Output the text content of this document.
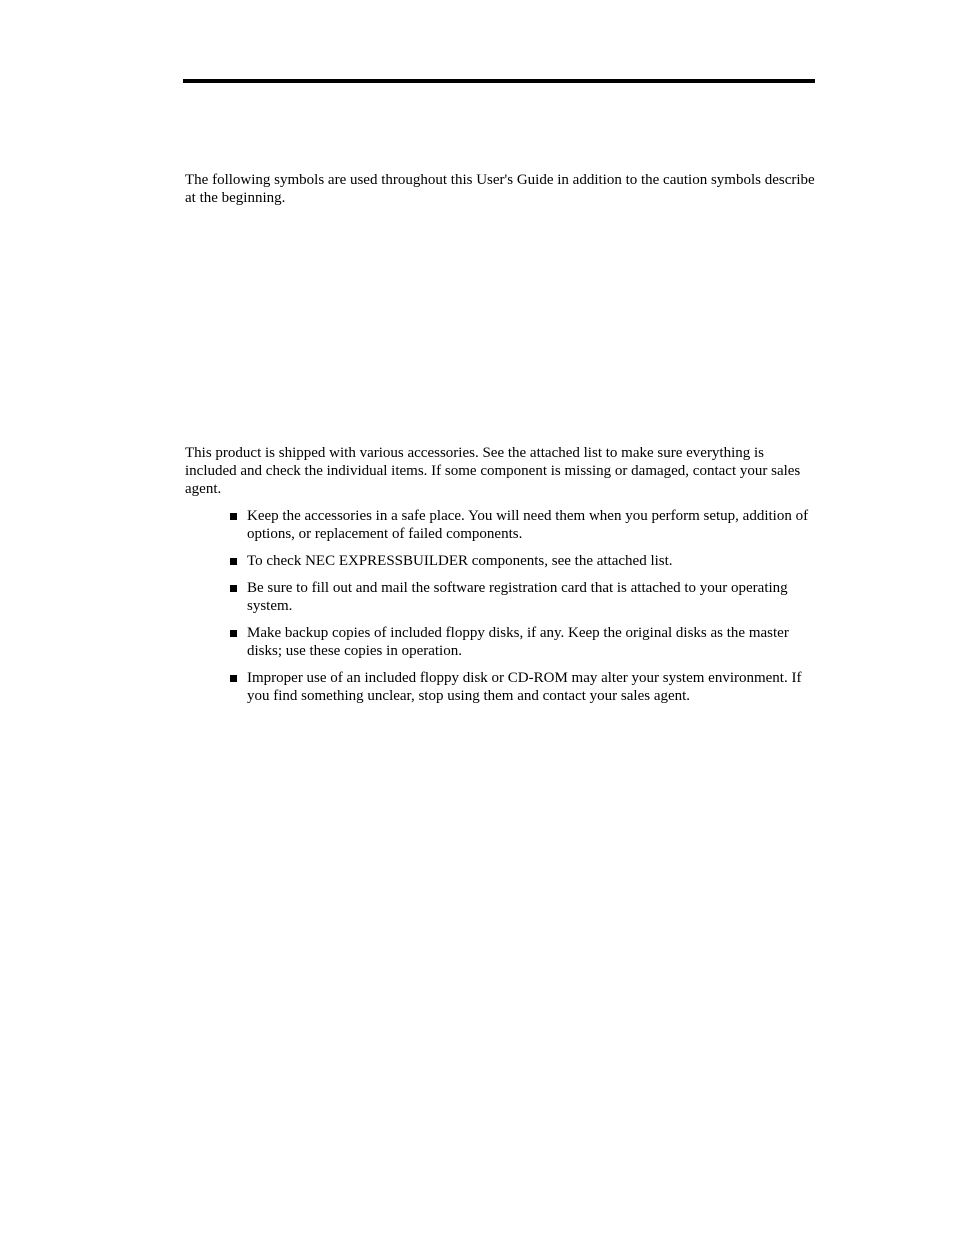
The following symbols are used throughout this User's Guide in addition to the caution symbols describe at the beginning.

This product is shipped with various accessories. See the attached list to make sure everything is included and check the individual items. If some component is missing or damaged, contact your sales agent.

Keep the accessories in a safe place. You will need them when you perform setup, addition of options, or replacement of failed components.
To check NEC EXPRESSBUILDER components, see the attached list.
Be sure to fill out and mail the software registration card that is attached to your operating system.
Make backup copies of included floppy disks, if any. Keep the original disks as the master disks; use these copies in operation.
Improper use of an included floppy disk or CD-ROM may alter your system environment. If you find something unclear, stop using them and contact your sales agent.
